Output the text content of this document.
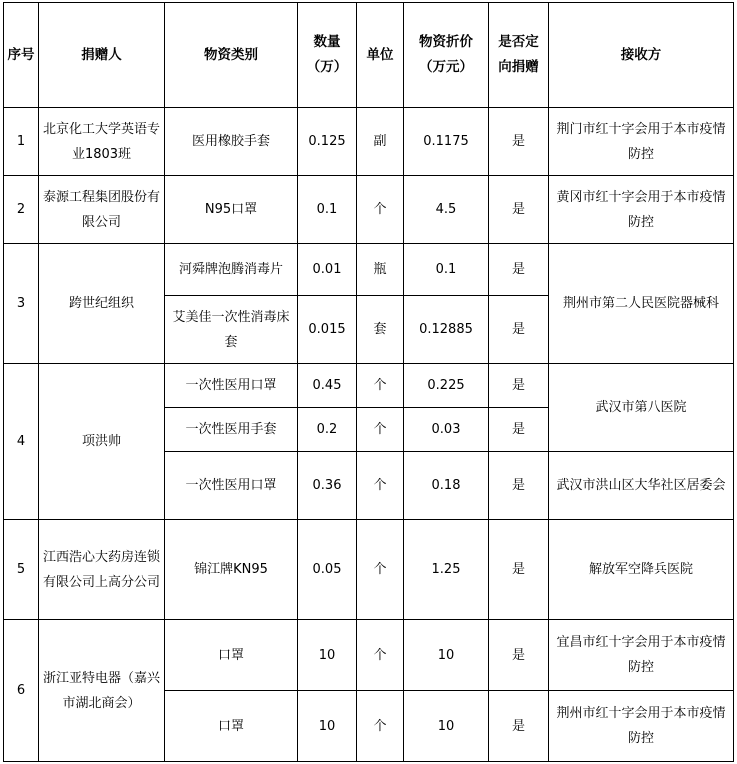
序号	捐赠人	物资类别	数量（万）	单位	物资折价（万元）	是否定向捐赠	接收方
1	北京化工大学英语专业1803班	医用橡胶手套	0.125	副	0.1175	是	荆门市红十字会用于本市疫情防控
2	泰源工程集团股份有限公司	N95口罩	0.1	个	4.5	是	黄冈市红十字会用于本市疫情防控
3	跨世纪组织	河舜牌泡腾消毒片	0.01	瓶	0.1	是	荆州市第二人民医院器械科
		艾美佳一次性消毒床套	0.015	套	0.12885	是	
4	项洪帅	一次性医用口罩	0.45	个	0.225	是	武汉市第八医院
		一次性医用手套	0.2	个	0.03	是	
		一次性医用口罩	0.36	个	0.18	是	武汉市洪山区大华社区居委会
5	江西浩心大药房连锁有限公司上高分公司	锦江牌KN95	0.05	个	1.25	是	解放军空降兵医院
6	浙江亚特电器（嘉兴市湖北商会）	口罩	10	个	10	是	宜昌市红十字会用于本市疫情防控
		口罩	10	个	10	是	荆州市红十字会用于本市疫情防控
